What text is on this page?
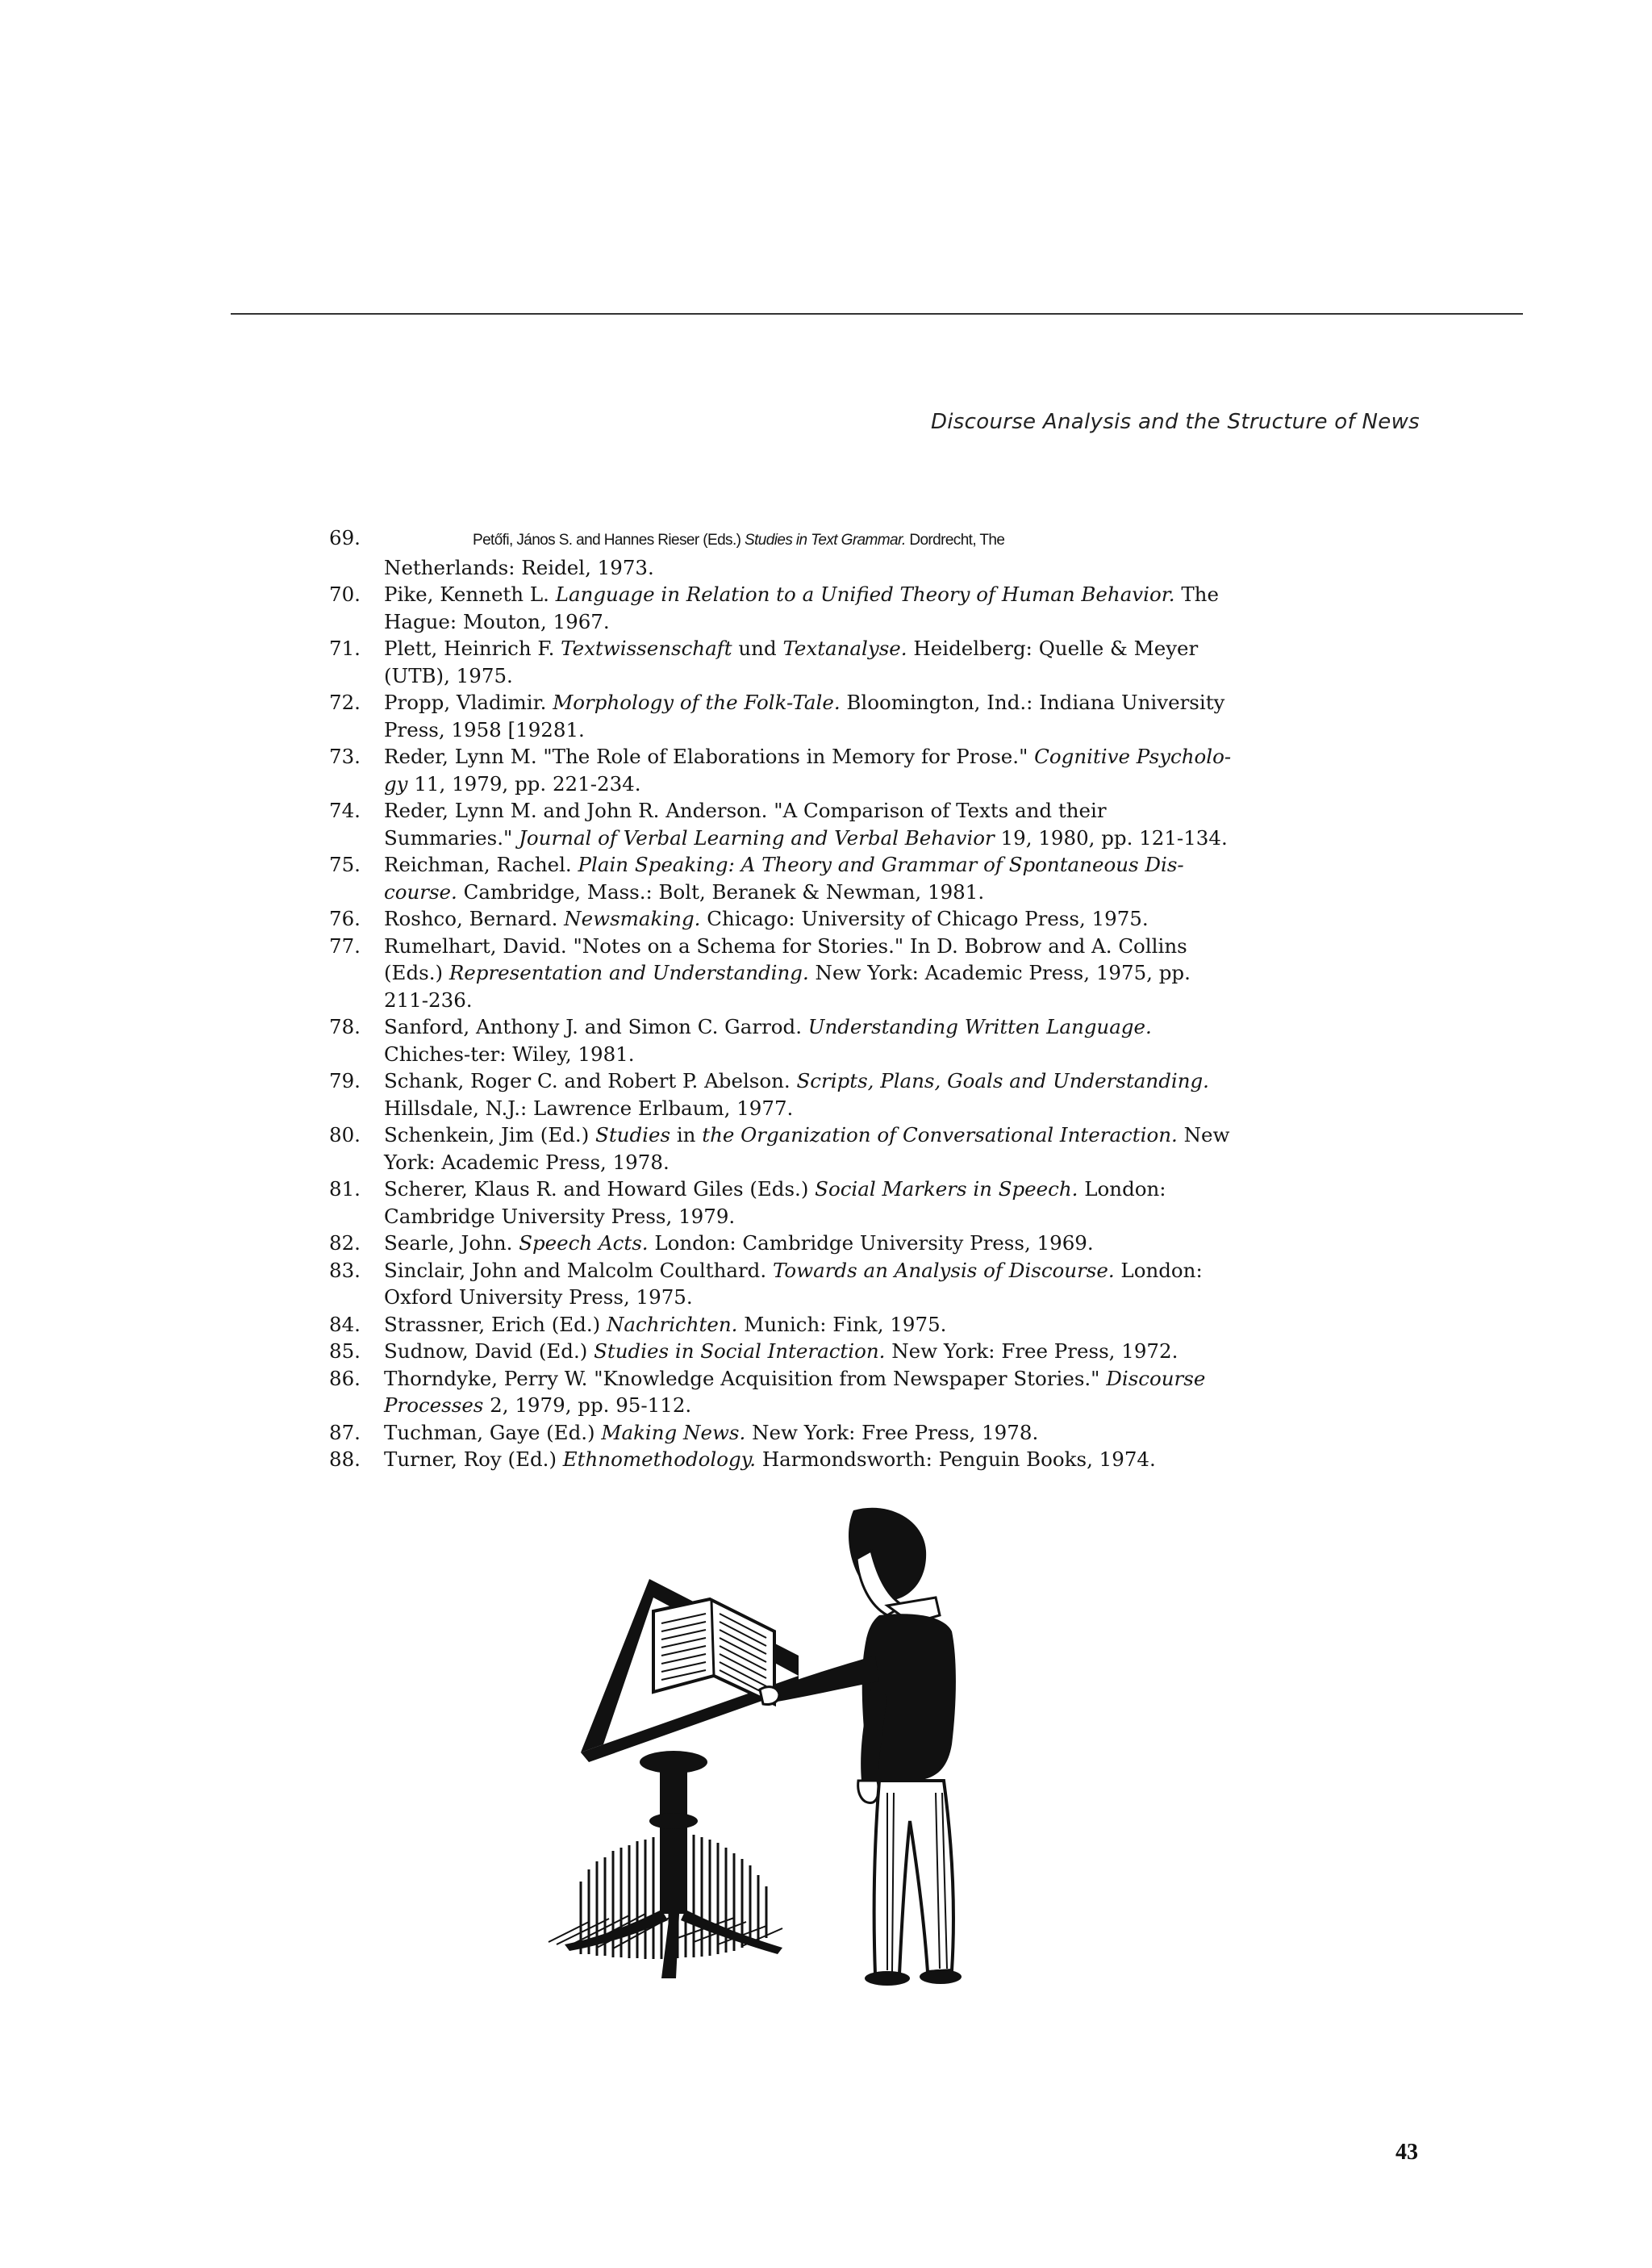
Discourse Analysis and the Structure of News
69.	Petőfi, János S. and Hannes Rieser (Eds.) Studies in Text Grammar. Dordrecht, The
Netherlands: Reidel, 1973.
70. Pike, Kenneth L. Language in Relation to a Unified Theory of Human Behavior. The Hague: Mouton, 1967.
71. Plett, Heinrich F. Textwissenschaft und Textanalyse. Heidelberg: Quelle & Meyer (UTB), 1975.
72. Propp, Vladimir. Morphology of the Folk-Tale. Bloomington, Ind.: Indiana University Press, 1958 [19281.
73. Reder, Lynn M. "The Role of Elaborations in Memory for Prose." Cognitive Psycholo-gy 11, 1979, pp. 221-234.
74. Reder, Lynn M. and John R. Anderson. "A Comparison of Texts and their Summaries." Journal of Verbal Learning and Verbal Behavior 19, 1980, pp. 121-134.
75. Reichman, Rachel. Plain Speaking: A Theory and Grammar of Spontaneous Dis-course. Cambridge, Mass.: Bolt, Beranek & Newman, 1981.
76. Roshco, Bernard. Newsmaking. Chicago: University of Chicago Press, 1975.
77. Rumelhart, David. "Notes on a Schema for Stories." In D. Bobrow and A. Collins (Eds.) Representation and Understanding. New York: Academic Press, 1975, pp. 211-236.
78. Sanford, Anthony J. and Simon C. Garrod. Understanding Written Language. Chiches-ter: Wiley, 1981.
79. Schank, Roger C. and Robert P. Abelson. Scripts, Plans, Goals and Understanding. Hillsdale, N.J.: Lawrence Erlbaum, 1977.
80. Schenkein, Jim (Ed.) Studies in the Organization of Conversational Interaction. New York: Academic Press, 1978.
81. Scherer, Klaus R. and Howard Giles (Eds.) Social Markers in Speech. London: Cambridge University Press, 1979.
82. Searle, John. Speech Acts. London: Cambridge University Press, 1969.
83. Sinclair, John and Malcolm Coulthard. Towards an Analysis of Discourse. London: Oxford University Press, 1975.
84. Strassner, Erich (Ed.) Nachrichten. Munich: Fink, 1975.
85. Sudnow, David (Ed.) Studies in Social Interaction. New York: Free Press, 1972.
86. Thorndyke, Perry W. "Knowledge Acquisition from Newspaper Stories." Discourse Processes 2, 1979, pp. 95-112.
87. Tuchman, Gaye (Ed.) Making News. New York: Free Press, 1978.
88. Turner, Roy (Ed.) Ethnomethodology. Harmondsworth: Penguin Books, 1974.
43
